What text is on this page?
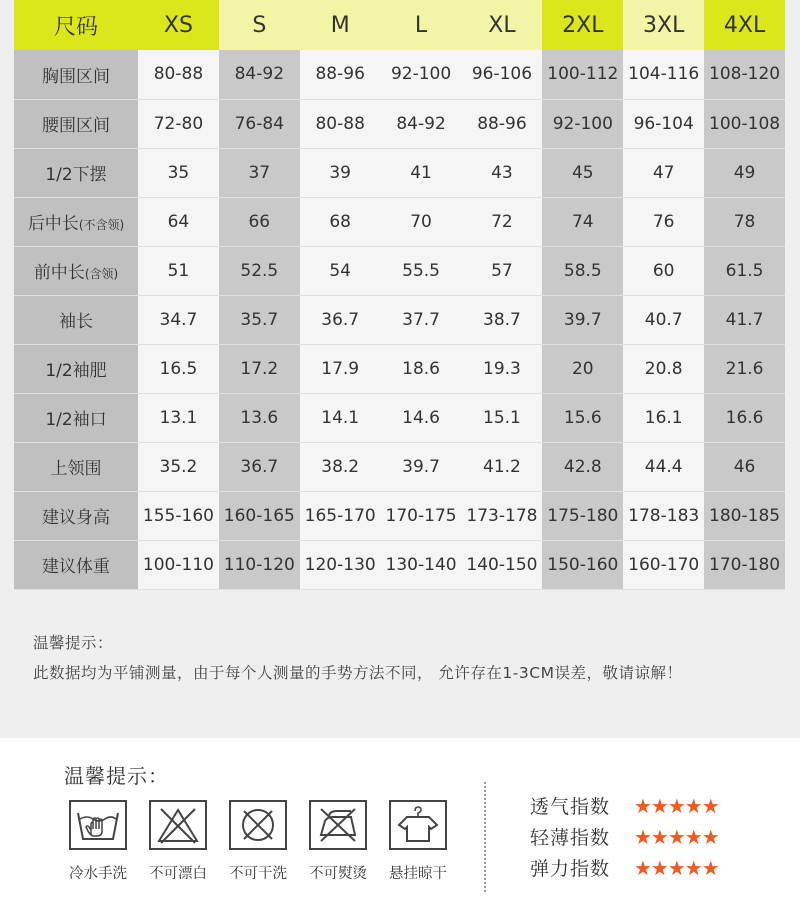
尺码	XS	S	M	L	XL	2XL	3XL	4XL
胸围区间	80-88	84-92	88-96	92-100	96-106	100-112	104-116	108-120
腰围区间	72-80	76-84	80-88	84-92	88-96	92-100	96-104	100-108
1/2下摆	35	37	39	41	43	45	47	49
后中长(不含领)	64	66	68	70	72	74	76	78
前中长(含领)	51	52.5	54	55.5	57	58.5	60	61.5
袖长	34.7	35.7	36.7	37.7	38.7	39.7	40.7	41.7
1/2袖肥	16.5	17.2	17.9	18.6	19.3	20	20.8	21.6
1/2袖口	13.1	13.6	14.1	14.6	15.1	15.6	16.1	16.6
上领围	35.2	36.7	38.2	39.7	41.2	42.8	44.4	46
建议身高	155-160	160-165	165-170	170-175	173-178	175-180	178-183	180-185
建议体重	100-110	110-120	120-130	130-140	140-150	150-160	160-170	170-180
温馨提示：
此数据均为平铺测量，由于每个人测量的手势方法不同， 允许存在1-3CM误差，敬请谅解！
温馨提示：
冷水手洗 不可漂白 不可干洗 不可熨烫 悬挂晾干
透气指数	★★★★★
轻薄指数	★★★★★
弹力指数	★★★★★
